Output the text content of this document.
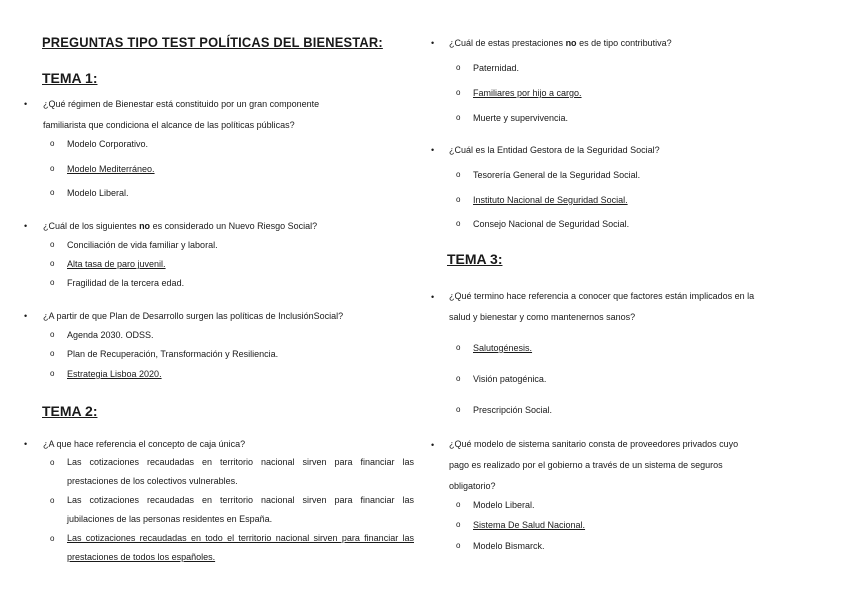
PREGUNTAS TIPO TEST POLÍTICAS DEL BIENESTAR:
TEMA 1:
• ¿Qué régimen de Bienestar está constituido por un gran componente
familiarista que condiciona el alcance de las políticas públicas?
o Modelo Corporativo.
o Modelo Mediterráneo.
o Modelo Liberal.
• ¿Cuál de los siguientes no es considerado un Nuevo Riesgo Social?
o Conciliación de vida familiar y laboral.
o Alta tasa de paro juvenil.
o Fragilidad de la tercera edad.
• ¿A partir de que Plan de Desarrollo surgen las políticas de InclusiónSocial?
o Agenda 2030. ODSS.
o Plan de Recuperación, Transformación y Resiliencia.
o Estrategia Lisboa 2020.
TEMA 2:
• ¿A que hace referencia el concepto de caja única?
o Las cotizaciones recaudadas en territorio nacional sirven para financiar las prestaciones de los colectivos vulnerables.
o Las cotizaciones recaudadas en territorio nacional sirven para financiar las jubilaciones de las personas residentes en España.
o Las cotizaciones recaudadas en todo el territorio nacional sirven para financiar las prestaciones de todos los españoles.
• ¿Cuál de estas prestaciones no es de tipo contributiva?
o Paternidad.
o Familiares por hijo a cargo.
o Muerte y supervivencia.
• ¿Cuál es la Entidad Gestora de la Seguridad Social?
o Tesorería General de la Seguridad Social.
o Instituto Nacional de Seguridad Social.
o Consejo Nacional de Seguridad Social.
TEMA 3:
• ¿Qué termino hace referencia a conocer que factores están implicados en la
salud y bienestar y como mantenernos sanos?
o Salutogénesis.
o Visión patogénica.
o Prescripción Social.
• ¿Qué modelo de sistema sanitario consta de proveedores privados cuyo
pago es realizado por el gobierno a través de un sistema de seguros
obligatorio?
o Modelo Liberal.
o Sistema De Salud Nacional.
o Modelo Bismarck.
